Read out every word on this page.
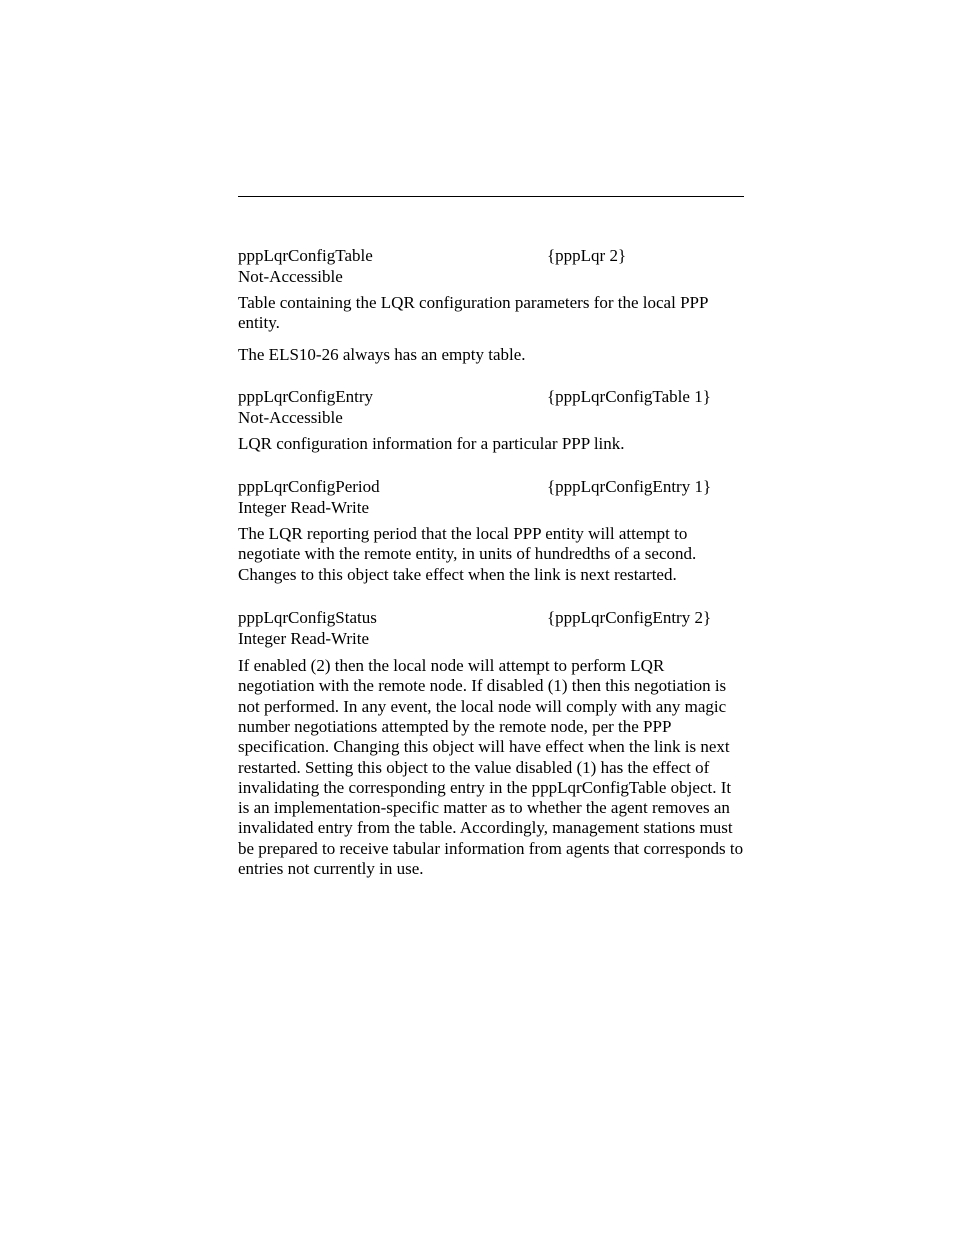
pppLqrConfigTable	{pppLqr 2}
Not-Accessible

Table containing the LQR configuration parameters for the local PPP entity.

The ELS10-26 always has an empty table.

pppLqrConfigEntry	{pppLqrConfigTable 1}
Not-Accessible

LQR configuration information for a particular PPP link.

pppLqrConfigPeriod	{pppLqrConfigEntry 1}
Integer Read-Write

The LQR reporting period that the local PPP entity will attempt to negotiate with the remote entity, in units of hundredths of a second. Changes to this object take effect when the link is next restarted.

pppLqrConfigStatus	{pppLqrConfigEntry 2}
Integer Read-Write

If enabled (2) then the local node will attempt to perform LQR negotiation with the remote node. If disabled (1) then this negotiation is not performed. In any event, the local node will comply with any magic number negotiations attempted by the remote node, per the PPP specification. Changing this object will have effect when the link is next restarted. Setting this object to the value disabled (1) has the effect of invalidating the corresponding entry in the pppLqrConfigTable object. It is an implementation-specific matter as to whether the agent removes an invalidated entry from the table. Accordingly, management stations must be prepared to receive tabular information from agents that corresponds to entries not currently in use.
